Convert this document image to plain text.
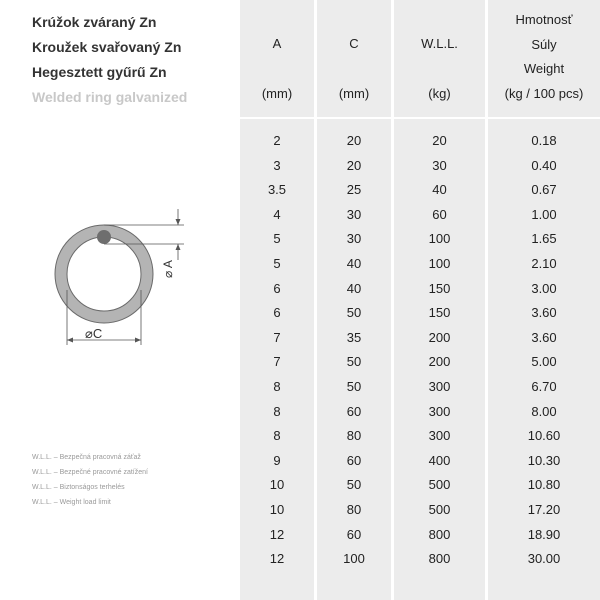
Krúžok zváraný Zn
Kroužek svařovaný Zn
Hegesztett gyűrű Zn
Welded ring galvanized
A
(mm)
C
(mm)
W.L.L.
(kg)
Hmotnosť
Súly
Weight
(kg / 100 pcs)
2	20	20	0.18
3	20	30	0.40
3.5	25	40	0.67
4	30	60	1.00
5	30	100	1.65
5	40	100	2.10
6	40	150	3.00
6	50	150	3.60
7	35	200	3.60
7	50	200	5.00
8	50	300	6.70
8	60	300	8.00
8	80	300	10.60
9	60	400	10.30
10	50	500	10.80
10	80	500	17.20
12	60	800	18.90
12	100	800	30.00
⌀ A
⌀C
W.L.L. – Bezpečná pracovná záťaž
W.L.L. – Bezpečné pracovné zatížení
W.L.L. – Biztonságos terhelés
W.L.L. – Weight load limit
